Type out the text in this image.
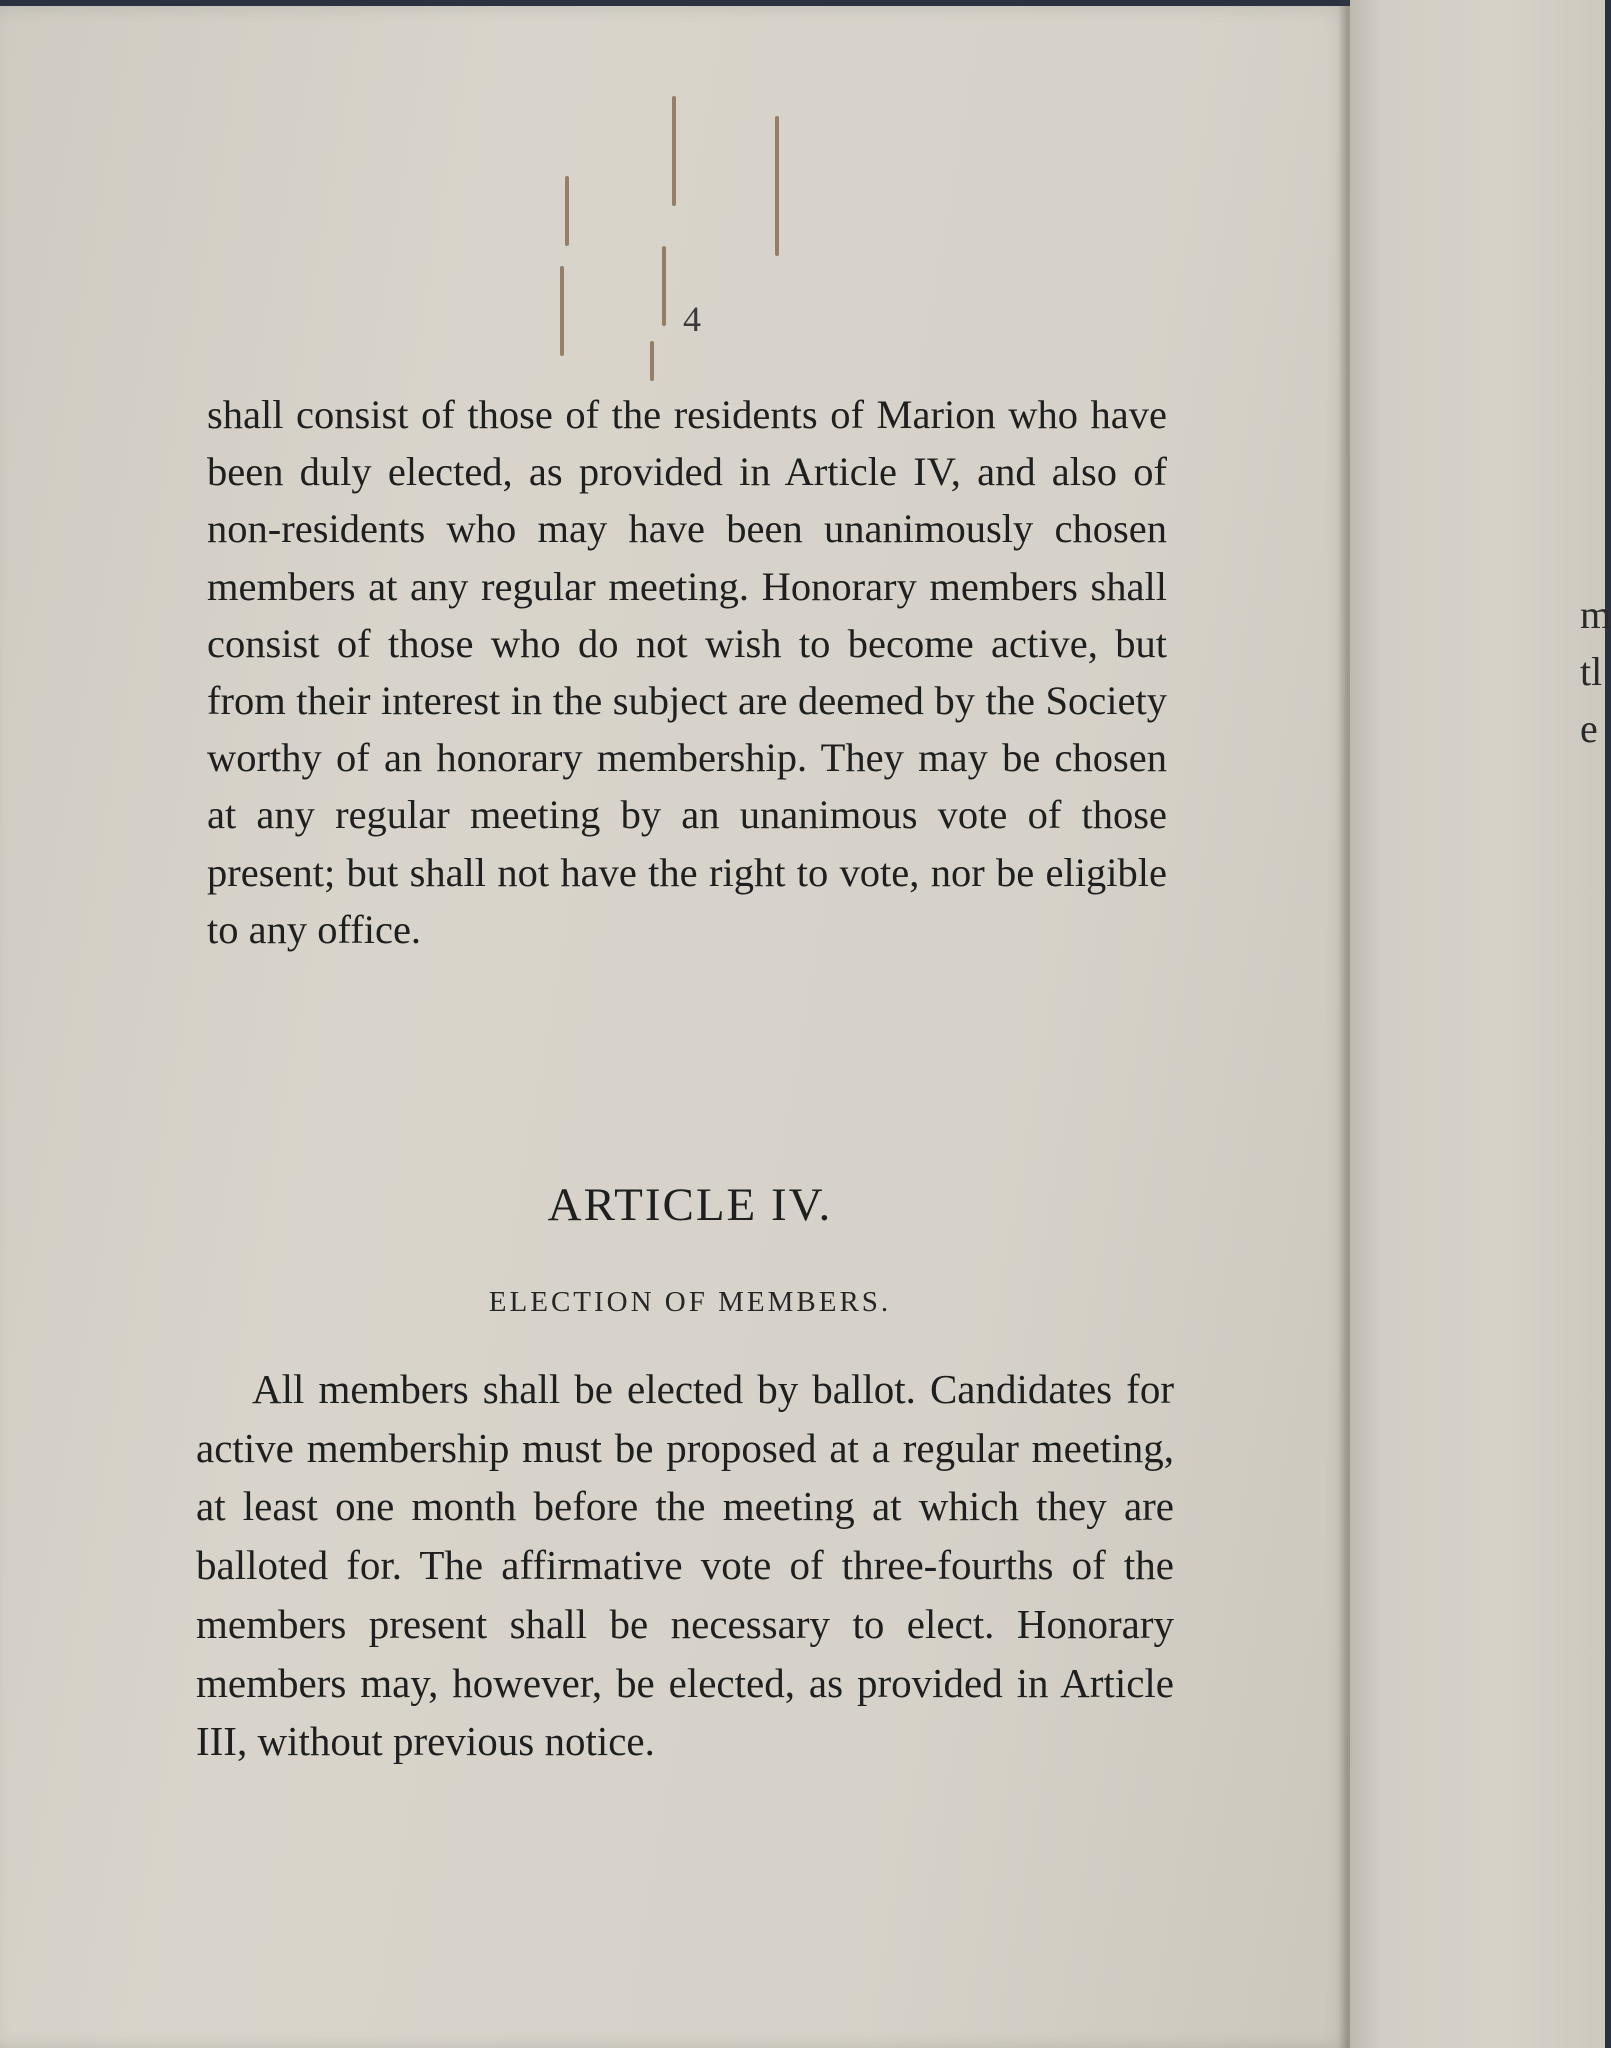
4

shall consist of those of the residents of Marion who have been duly elected, as provided in Article IV, and also of non-residents who may have been unanimously chosen members at any regular meeting. Honorary members shall consist of those who do not wish to become active, but from their interest in the subject are deemed by the Society worthy of an honorary membership. They may be chosen at any regular meeting by an unanimous vote of those present; but shall not have the right to vote, nor be eligible to any office.

ARTICLE IV.
ELECTION OF MEMBERS.

All members shall be elected by ballot. Candidates for active membership must be proposed at a regular meeting, at least one month before the meeting at which they are balloted for. The affirmative vote of three-fourths of the members present shall be necessary to elect. Honorary members may, however, be elected, as provided in Article III, without previous notice.

m
tl
e
